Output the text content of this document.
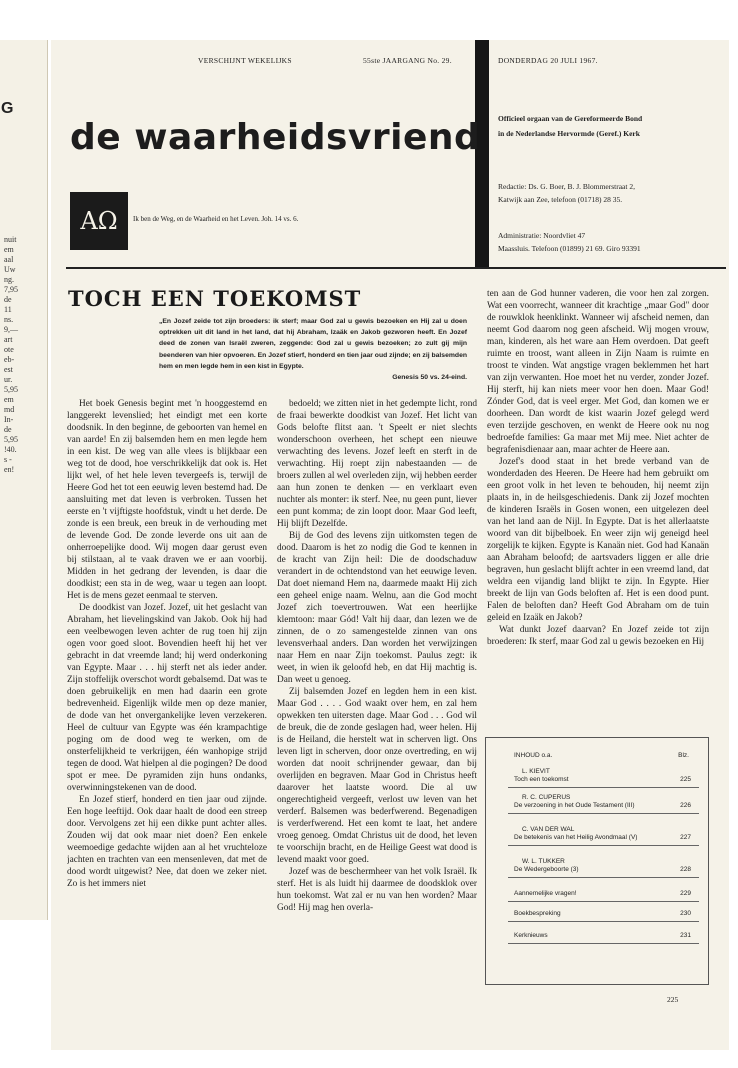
G
nuit
em
aal
Uw
ng.
7,95
de
11
ns.
9,—
art
ote
eb-
est
ur.
5,95
em
md
In-
de
5,95
!40.
s -
en!
VERSCHIJNT WEKELIJKS	55ste JAARGANG No. 29.	DONDERDAG 20 JULI 1967.
de waarheidsvriend Officieel orgaan van de Gereformeerde Bond
in de Nederlandse Hervormde (Geref.) Kerk
Redactie: Ds. G. Boer, B. J. Blommerstraat 2,
Katwijk aan Zee, telefoon (01718) 28 35.
Administratie: Noordvliet 47
Maassluis. Telefoon (01899) 21 69. Giro 93391
AΩ	Ik ben de Weg, en de Waarheid en het Leven. Joh. 14 vs. 6.
TOCH EEN TOEKOMST
„En Jozef zeide tot zijn broeders: ik sterf; maar God zal u gewis bezoeken en Hij zal u doen optrekken uit dit land in het land, dat hij Abraham, Izaäk en Jakob gezworen heeft. En Jozef deed de zonen van Israël zweren, zeggende: God zal u gewis bezoeken; zo zult gij mijn beenderen van hier opvoeren. En Jozef stierf, honderd en tien jaar oud zijnde; en zij balsemden hem en men legde hem in een kist in Egypte.
Genesis 50 vs. 24-eind.

Het boek Genesis begint met 'n hooggestemd en langgerekt levenslied; het eindigt met een korte doodsnik. In den beginne, de geboorten van hemel en van aarde! En zij balsemden hem en men legde hem in een kist. De weg van alle vlees is blijkbaar een weg tot de dood, hoe verschrikkelijk dat ook is. Het lijkt wel, of het hele leven tevergeefs is, terwijl de Heere God het tot een eeuwig leven bestemd had. De aansluiting met dat leven is verbroken. Tussen het eerste en 't vijftigste hoofdstuk, vindt u het derde. De zonde is een breuk, een breuk in de verhouding met de levende God. De zonde leverde ons uit aan de onherroepelijke dood. Wij mogen daar gerust even bij stilstaan, al te vaak draven we er aan voorbij. Midden in het gedrang der levenden, is daar die doodkist; een sta in de weg, waar u tegen aan loopt. Het is de mens gezet eenmaal te sterven.

De doodkist van Jozef. Jozef, uit het geslacht van Abraham, het lievelingskind van Jakob. Ook hij had een veelbewogen leven achter de rug toen hij zijn ogen voor goed sloot. Bovendien heeft hij het ver gebracht in dat vreemde land; hij werd onderkoning van Egypte. Maar . . . hij sterft net als ieder ander. Zijn stoffelijk overschot wordt gebalsemd. Dat was te doen gebruikelijk en men had daarin een grote bedrevenheid. Eigenlijk wilde men op deze manier, de dode van het onvergankelijke leven verzekeren. Heel de cultuur van Egypte was één krampachtige poging om de dood weg te werken, om de onsterfelijkheid te verkrijgen, één wanhopige strijd tegen de dood. Wat hielpen al die pogingen? De dood spot er mee. De pyramiden zijn huns ondanks, overwinningstekenen van de dood.

En Jozef stierf, honderd en tien jaar oud zijnde. Een hoge leeftijd. Ook daar haalt de dood een streep door. Vervolgens zet hij een dikke punt achter alles. Zouden wij dat ook maar niet doen? Een enkele weemoedige gedachte wijden aan al het vruchteloze jachten en trachten van een mensenleven, dat met de dood wordt uitgewist? Nee, dat doen we zeker niet. Zo is het immers niet

bedoeld; we zitten niet in het gedempte licht, rond de fraai bewerkte doodkist van Jozef. Het licht van Gods belofte flitst aan. 't Speelt er niet slechts wonderschoon overheen, het schept een nieuwe verwachting des levens. Jozef leeft en sterft in de verwachting. Hij roept zijn nabestaanden — de broers zullen al wel overleden zijn, wij hebben eerder aan hun zonen te denken — en verklaart even nuchter als monter: ik sterf. Nee, nu geen punt, liever een punt komma; de zin loopt door. Maar God leeft, Hij blijft Dezelfde.

Bij de God des levens zijn uitkomsten tegen de dood. Daarom is het zo nodig die God te kennen in de kracht van Zijn heil: Die de doodschaduw verandert in de ochtendstond van het eeuwige leven. Dat doet niemand Hem na, daarmede maakt Hij zich een geheel enige naam. Welnu, aan die God mocht Jozef zich toevertrouwen. Wat een heerlijke klemtoon: maar Gód! Valt hij daar, dan lezen we de zinnen, de o zo samengestelde zinnen van ons levensverhaal anders. Dan worden het verwijzingen naar Hem en naar Zijn toekomst. Paulus zegt: ik weet, in wien ik geloofd heb, en dat Hij machtig is. Dan weet u genoeg.

Zij balsemden Jozef en legden hem in een kist. Maar God . . . . God waakt over hem, en zal hem opwekken ten uitersten dage. Maar God . . . God wil de breuk, die de zonde geslagen had, weer helen. Hij is de Heiland, die herstelt wat in scherven ligt. Ons leven ligt in scherven, door onze overtreding, en wij worden dat nooit schrijnender gewaar, dan bij overlijden en begraven. Maar God in Christus heeft daarover het laatste woord. Die al uw ongerechtigheid vergeeft, verlost uw leven van het verderf. Balsemen was bederfwerend. Begenadigen is verderfwerend. Het een komt te laat, het andere vroeg genoeg. Omdat Christus uit de dood, het leven te voorschijn bracht, en de Heilige Geest wat dood is levend maakt voor goed.

Jozef was de beschermheer van het volk Israël. Ik sterf. Het is als luidt hij daarmee de doodsklok over hun toekomst. Wat zal er nu van hen worden? Maar God! Hij mag hen overla-

ten aan de God hunner vaderen, die voor hen zal zorgen. Wat een voorrecht, wanneer dit krachtige „maar God" door de rouwklok heenklinkt. Wanneer wij afscheid nemen, dan neemt God daarom nog geen afscheid. Wij mogen vrouw, man, kinderen, als het ware aan Hem overdoen. Dat geeft ruimte en troost, want alleen in Zijn Naam is ruimte en troost te vinden. Wat angstige vragen beklemmen het hart van zijn verwanten. Hoe moet het nu verder, zonder Jozef. Hij sterft, hij kan niets meer voor hen doen. Maar God! Zónder God, dat is veel erger. Met God, dan komen we er doorheen. Dan wordt de kist waarin Jozef gelegd werd even terzijde geschoven, en wenkt de Heere ook nu nog bedroefde families: Ga maar met Mij mee. Niet achter de begrafenisdienaar aan, maar achter de Heere aan.

Jozef's dood staat in het brede verband van de wonderdaden des Heeren. De Heere had hem gebruikt om een groot volk in het leven te behouden, hij neemt zijn plaats in, in de heilsgeschiedenis. Dank zij Jozef mochten de kinderen Israëls in Gosen wonen, een uitgelezen deel van het land aan de Nijl. In Egypte. Dat is het allerlaatste woord van dit bijbelboek. En weer zijn wij geneigd heel zorgelijk te kijken. Egypte is Kanaän niet. God had Kanaän aan Abraham beloofd; de aartsvaders liggen er alle drie begraven, hun geslacht blijft achter in een vreemd land, dat weldra een vijandig land blijkt te zijn. In Egypte. Hier breekt de lijn van Gods beloften af. Het is een dood punt. Falen de beloften dan? Heeft God Abraham om de tuin geleid en Izaäk en Jakob?

Wat dunkt Jozef daarvan? En Jozef zeide tot zijn broederen: Ik sterf, maar God zal u gewis bezoeken en Hij

INHOUD o.a.	Blz.
L. KIEVIT
Toch een toekomst	225
R. C. CUPERUS
De verzoening in het Oude Testament (III)	226
C. VAN DER WAL
De betekenis van het Heilig Avondmaal (V)	227
W. L. TUKKER
De Wedergeboorte (3)	228
Aannemelijke vragen!	229
Boekbespreking	230
Kerknieuws	231
225
